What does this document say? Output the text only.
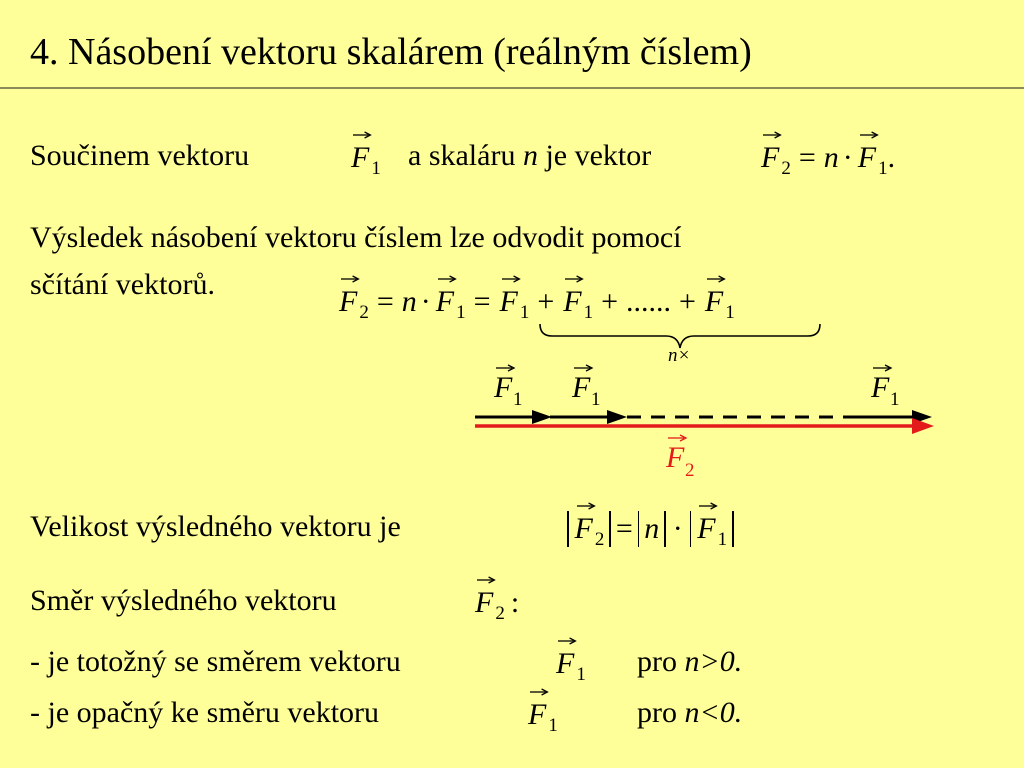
4. Násobení vektoru skalárem (reálným číslem)
Součinem vektoru	F $_1$ a skaláru n je vektor	F $_2$ = n · F $_1$.
Výsledek násobení vektoru číslem lze odvodit pomocí
sčítání vektorů.
F $_2$ = n · F $_1$ = F $_1$ + F $_1$ + ...... + F $_1$
n×
F 1 F 1	F 1
F 2
Velikost výsledného vektoru je	F $_2$ = n · F $_1$
Směr výsledného vektoru	F $_2$ :
- je totožný se směrem vektoru	F $_1$ pro n>0.
- je opačný ke směru vektoru	F $_1$	pro n<0.
